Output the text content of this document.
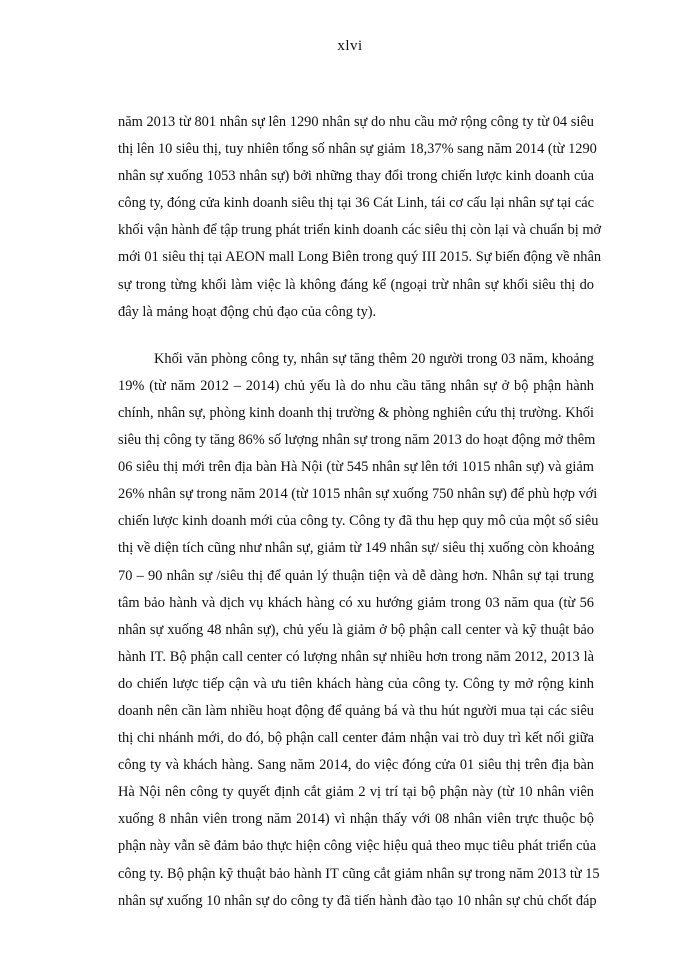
xlvi
năm 2013 từ 801 nhân sự lên 1290 nhân sự do nhu cầu mở rộng công ty từ 04 siêu
thị lên 10 siêu thị, tuy nhiên tổng số nhân sự giảm 18,37% sang năm 2014 (từ 1290
nhân sự xuống 1053 nhân sự) bởi những thay đổi trong chiến lược kinh doanh của
công ty, đóng cửa kinh doanh siêu thị tại 36 Cát Linh, tái cơ cấu lại nhân sự tại các
khối vận hành để tập trung phát triển kinh doanh các siêu thị còn lại và chuẩn bị mở
mới 01 siêu thị tại AEON mall Long Biên trong quý III 2015. Sự biến động về nhân
sự trong từng khối làm việc là không đáng kể (ngoại trừ nhân sự khối siêu thị do
đây là mảng hoạt động chủ đạo của công ty).
Khối văn phòng công ty, nhân sự tăng thêm 20 người trong 03 năm, khoảng
19% (từ năm 2012 – 2014) chủ yếu là do nhu cầu tăng nhân sự ở bộ phận hành
chính, nhân sự, phòng kinh doanh thị trường & phòng nghiên cứu thị trường. Khối
siêu thị công ty tăng 86% số lượng nhân sự trong năm 2013 do hoạt động mở thêm
06 siêu thị mới trên địa bàn Hà Nội (từ 545 nhân sự lên tới 1015 nhân sự) và giảm
26% nhân sự trong năm 2014 (từ 1015 nhân sự xuống 750 nhân sự) để phù hợp với
chiến lược kinh doanh mới của công ty. Công ty đã thu hẹp quy mô của một số siêu
thị về diện tích cũng như nhân sự, giảm từ 149 nhân sự/ siêu thị xuống còn khoảng
70 – 90 nhân sự /siêu thị để quản lý thuận tiện và dễ dàng hơn. Nhân sự tại trung
tâm bảo hành và dịch vụ khách hàng có xu hướng giảm trong 03 năm qua (từ 56
nhân sự xuống 48 nhân sự), chủ yếu là giảm ở bộ phận call center và kỹ thuật bảo
hành IT. Bộ phận call center có lượng nhân sự nhiều hơn trong năm 2012, 2013 là
do chiến lược tiếp cận và ưu tiên khách hàng của công ty. Công ty mở rộng kinh
doanh nên cần làm nhiều hoạt động để quảng bá và thu hút người mua tại các siêu
thị chi nhánh mới, do đó, bộ phận call center đảm nhận vai trò duy trì kết nối giữa
công ty và khách hàng. Sang năm 2014, do việc đóng cửa 01 siêu thị trên địa bàn
Hà Nội nên công ty quyết định cắt giảm 2 vị trí tại bộ phận này (từ 10 nhân viên
xuống 8 nhân viên trong năm 2014) vì nhận thấy với 08 nhân viên trực thuộc bộ
phận này vẫn sẽ đảm bảo thực hiện công việc hiệu quả theo mục tiêu phát triển của
công ty. Bộ phận kỹ thuật bảo hành IT cũng cắt giảm nhân sự trong năm 2013 từ 15
nhân sự xuống 10 nhân sự do công ty đã tiến hành đào tạo 10 nhân sự chủ chốt đáp
